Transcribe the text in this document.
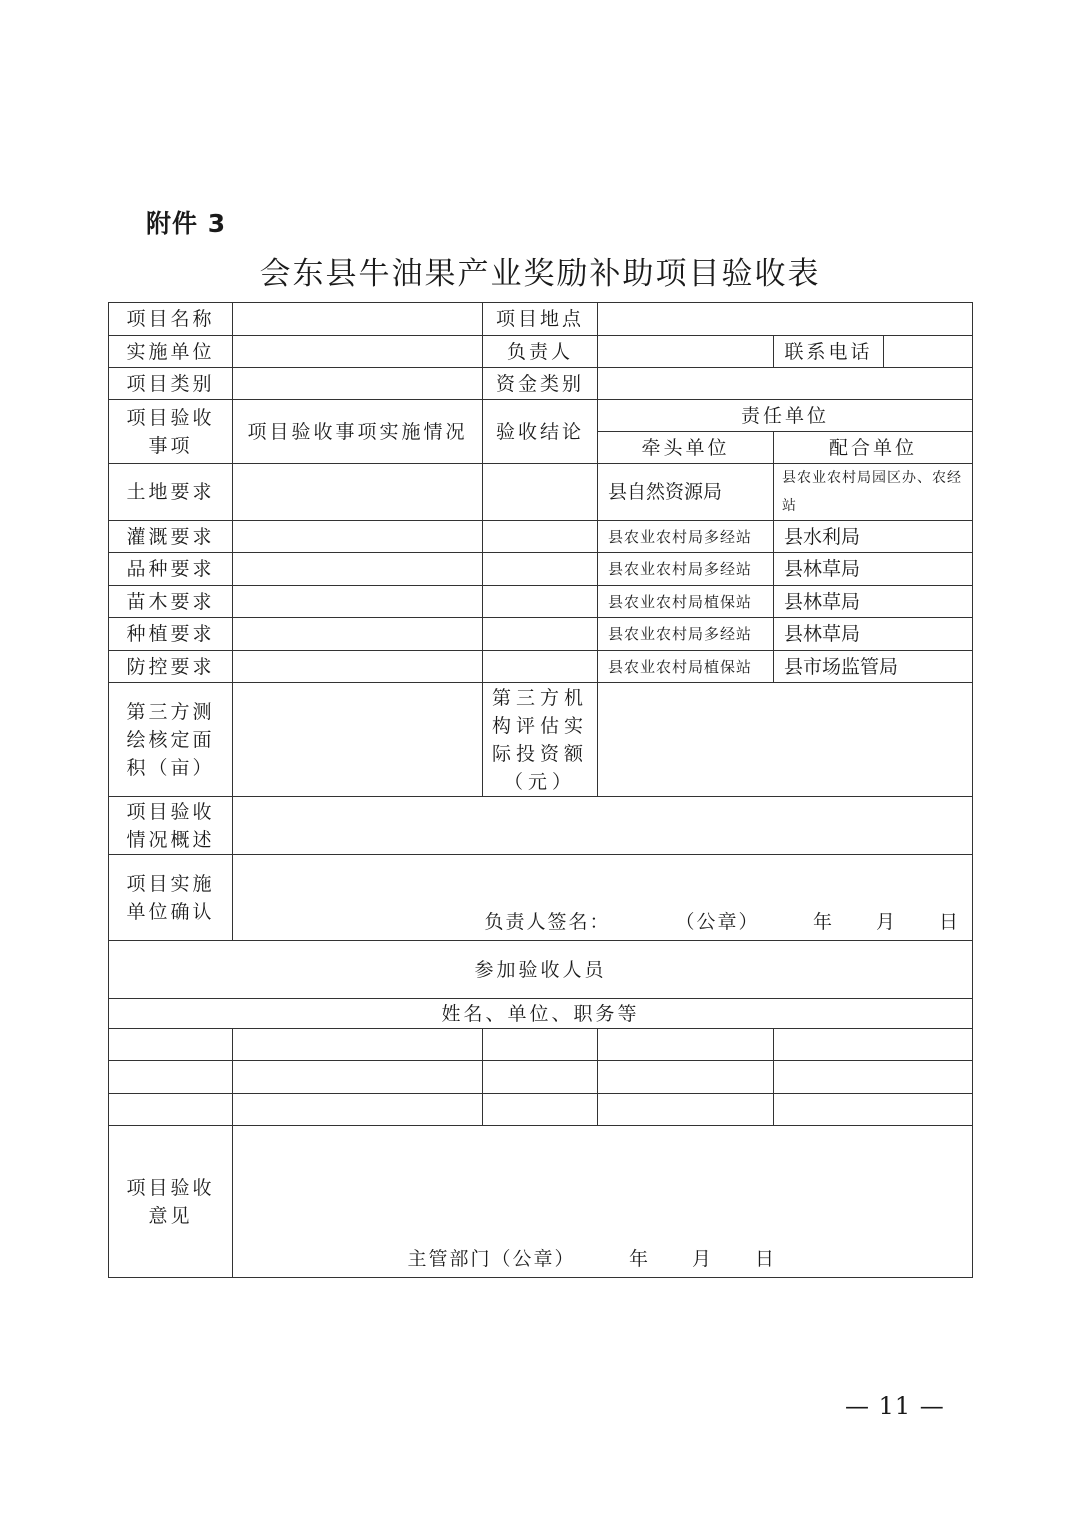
附件 3
会东县牛油果产业奖励补助项目验收表
项目名称		项目地点			
实施单位		负责人		联系电话	
项目类别		资金类别			
项目验收事项	项目验收事项实施情况	验收结论	责任单位		
			牵头单位	配合单位	
土地要求			县自然资源局	县农业农村局园区办、农经站	
灌溉要求			县农业农村局多经站	县水利局	
品种要求			县农业农村局多经站	县林草局	
苗木要求			县农业农村局植保站	县林草局	
种植要求			县农业农村局多经站	县林草局	
防控要求			县农业农村局植保站	县市场监管局	
第三方测绘核定面积（亩）		第三方机构评估实际投资额（元）			
项目验收情况概述					
项目实施单位确认	负责人签名：　　　　（公章）　　　年　　月　　日				

参加验收人员					
姓名、单位、职务等					

项目验收意见	主管部门（公章）　　　年　　月　　日				
— 11 —
